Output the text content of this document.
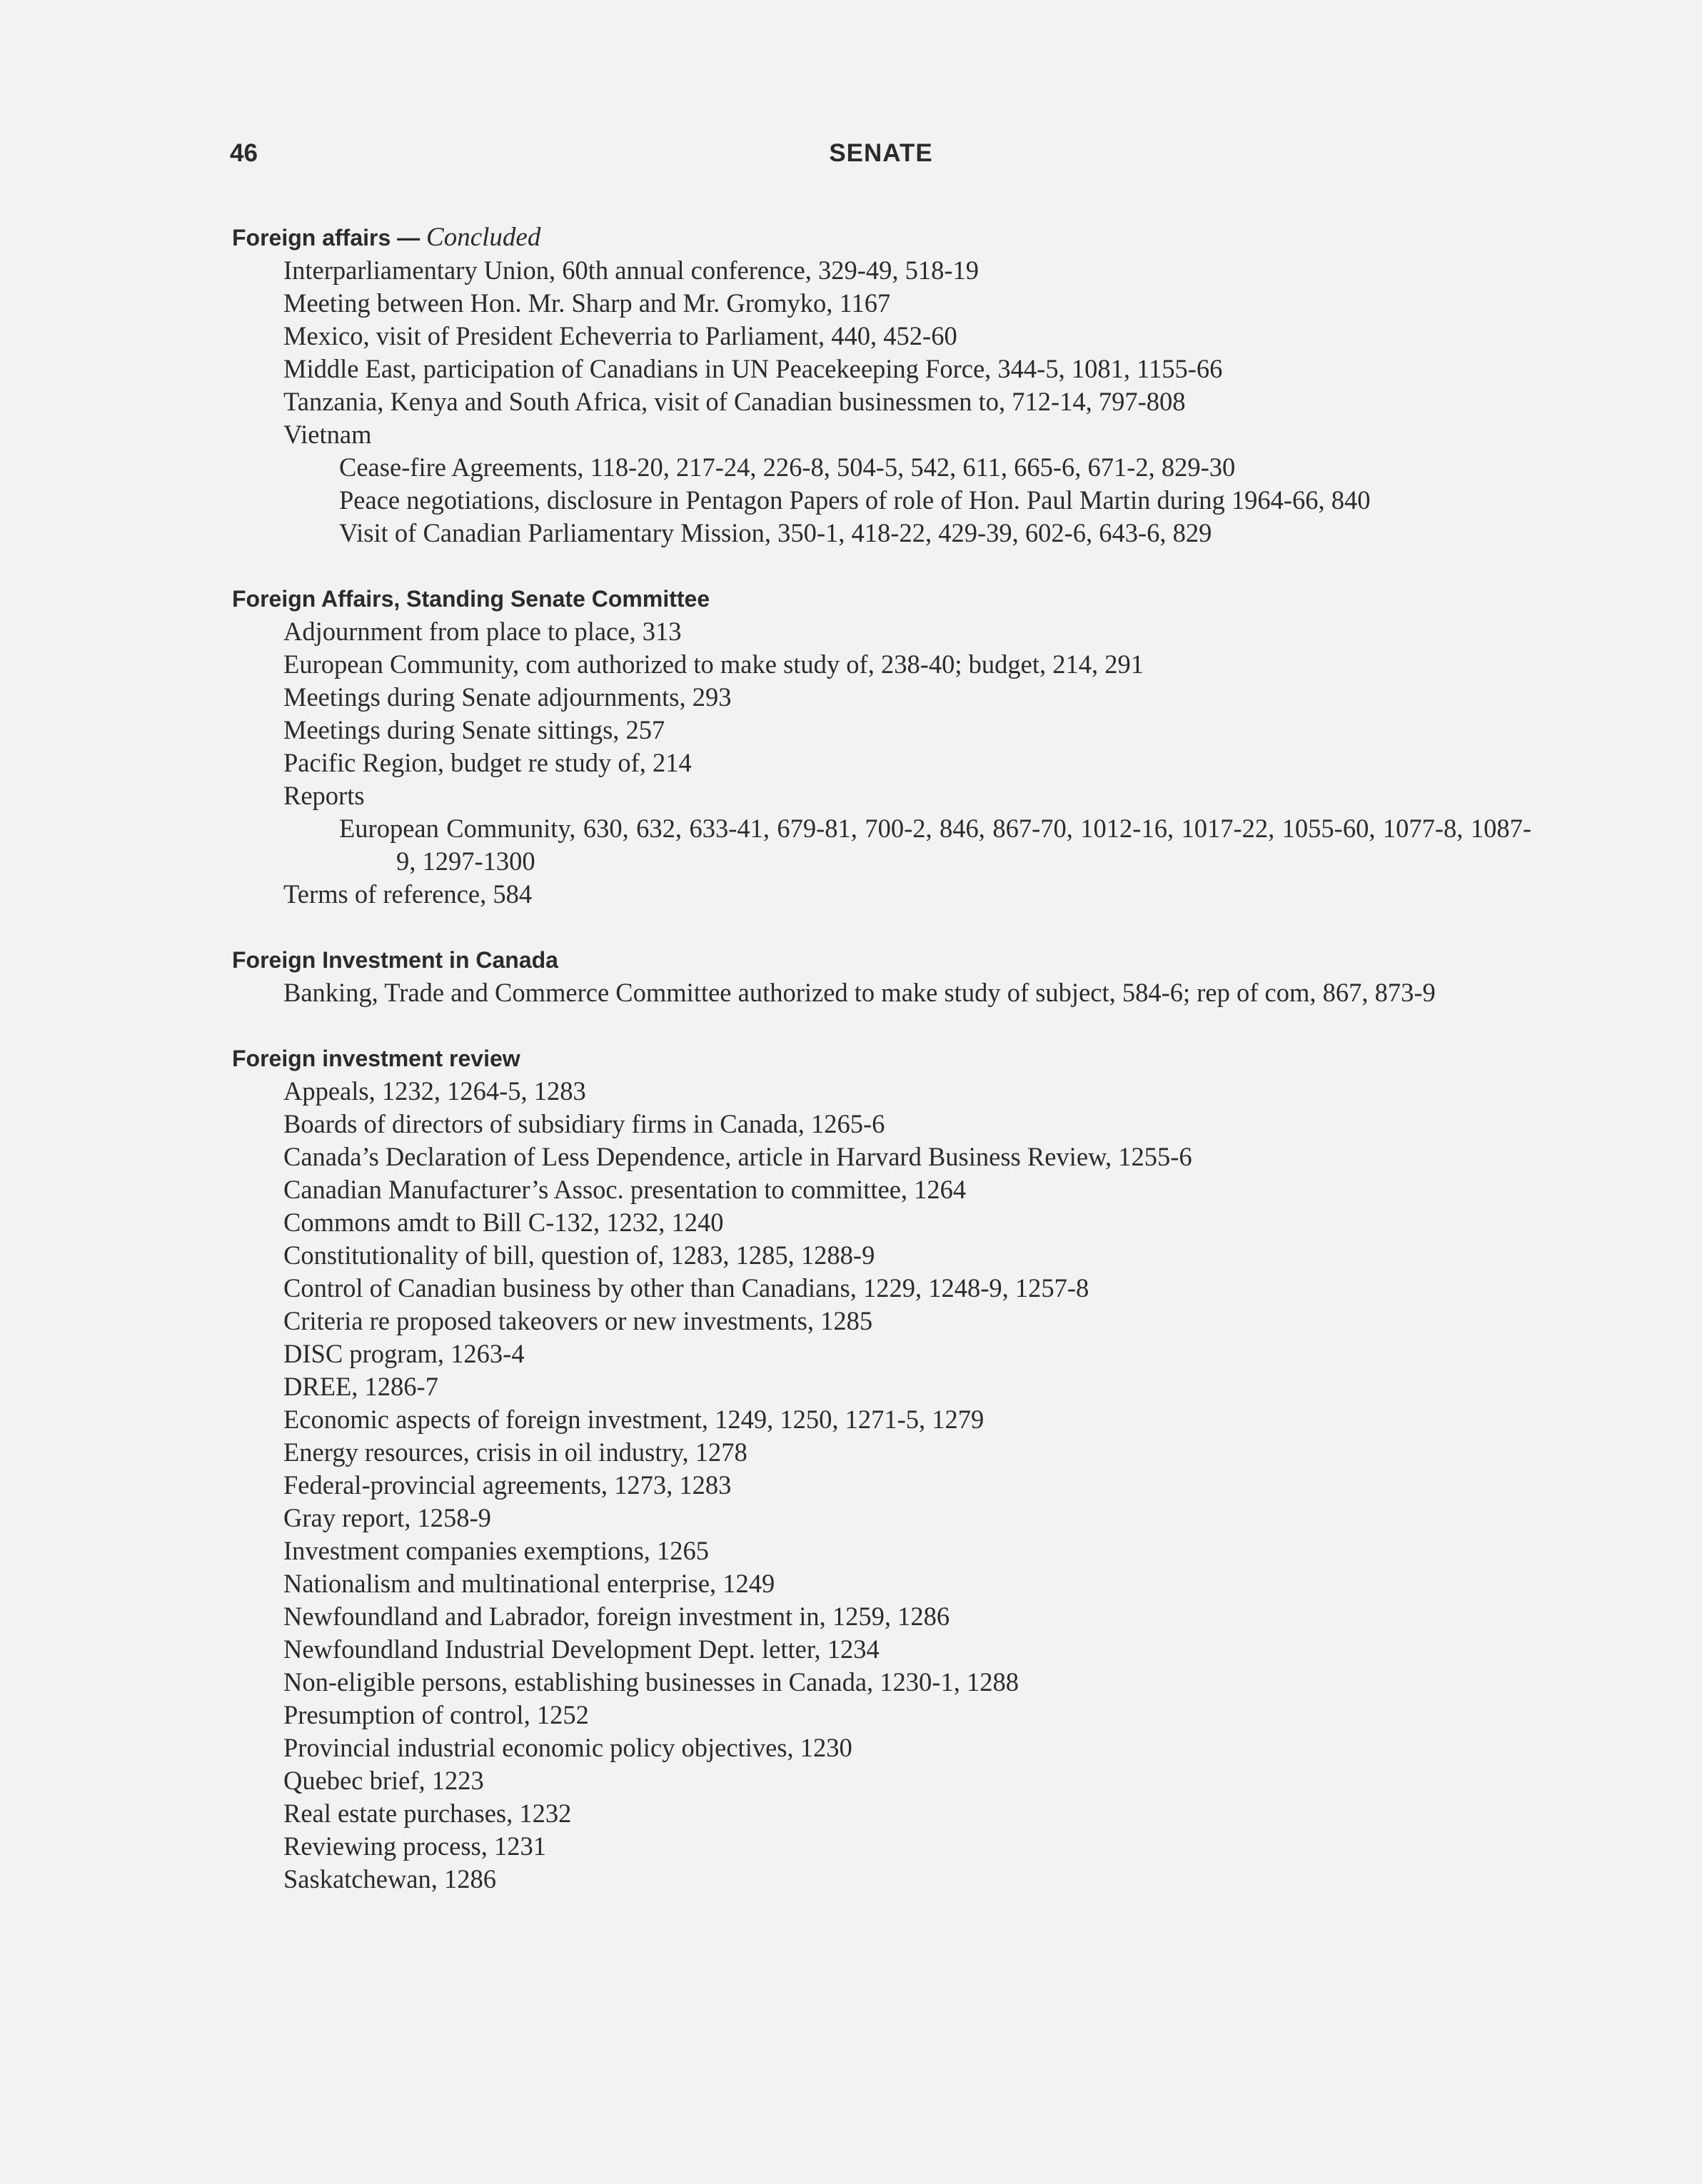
46	SENATE
Foreign affairs — Concluded
Interparliamentary Union, 60th annual conference, 329-49, 518-19
Meeting between Hon. Mr. Sharp and Mr. Gromyko, 1167
Mexico, visit of President Echeverria to Parliament, 440, 452-60
Middle East, participation of Canadians in UN Peacekeeping Force, 344-5, 1081, 1155-66
Tanzania, Kenya and South Africa, visit of Canadian businessmen to, 712-14, 797-808
Vietnam
Cease-fire Agreements, 118-20, 217-24, 226-8, 504-5, 542, 611, 665-6, 671-2, 829-30
Peace negotiations, disclosure in Pentagon Papers of role of Hon. Paul Martin during 1964-66, 840
Visit of Canadian Parliamentary Mission, 350-1, 418-22, 429-39, 602-6, 643-6, 829
Foreign Affairs, Standing Senate Committee
Adjournment from place to place, 313
European Community, com authorized to make study of, 238-40; budget, 214, 291
Meetings during Senate adjournments, 293
Meetings during Senate sittings, 257
Pacific Region, budget re study of, 214
Reports
European Community, 630, 632, 633-41, 679-81, 700-2, 846, 867-70, 1012-16, 1017-22, 1055-60, 1077-8, 1087-9, 1297-1300
Terms of reference, 584
Foreign Investment in Canada
Banking, Trade and Commerce Committee authorized to make study of subject, 584-6; rep of com, 867, 873-9
Foreign investment review
Appeals, 1232, 1264-5, 1283
Boards of directors of subsidiary firms in Canada, 1265-6
Canada’s Declaration of Less Dependence, article in Harvard Business Review, 1255-6
Canadian Manufacturer’s Assoc. presentation to committee, 1264
Commons amdt to Bill C-132, 1232, 1240
Constitutionality of bill, question of, 1283, 1285, 1288-9
Control of Canadian business by other than Canadians, 1229, 1248-9, 1257-8
Criteria re proposed takeovers or new investments, 1285
DISC program, 1263-4
DREE, 1286-7
Economic aspects of foreign investment, 1249, 1250, 1271-5, 1279
Energy resources, crisis in oil industry, 1278
Federal-provincial agreements, 1273, 1283
Gray report, 1258-9
Investment companies exemptions, 1265
Nationalism and multinational enterprise, 1249
Newfoundland and Labrador, foreign investment in, 1259, 1286
Newfoundland Industrial Development Dept. letter, 1234
Non-eligible persons, establishing businesses in Canada, 1230-1, 1288
Presumption of control, 1252
Provincial industrial economic policy objectives, 1230
Quebec brief, 1223
Real estate purchases, 1232
Reviewing process, 1231
Saskatchewan, 1286
